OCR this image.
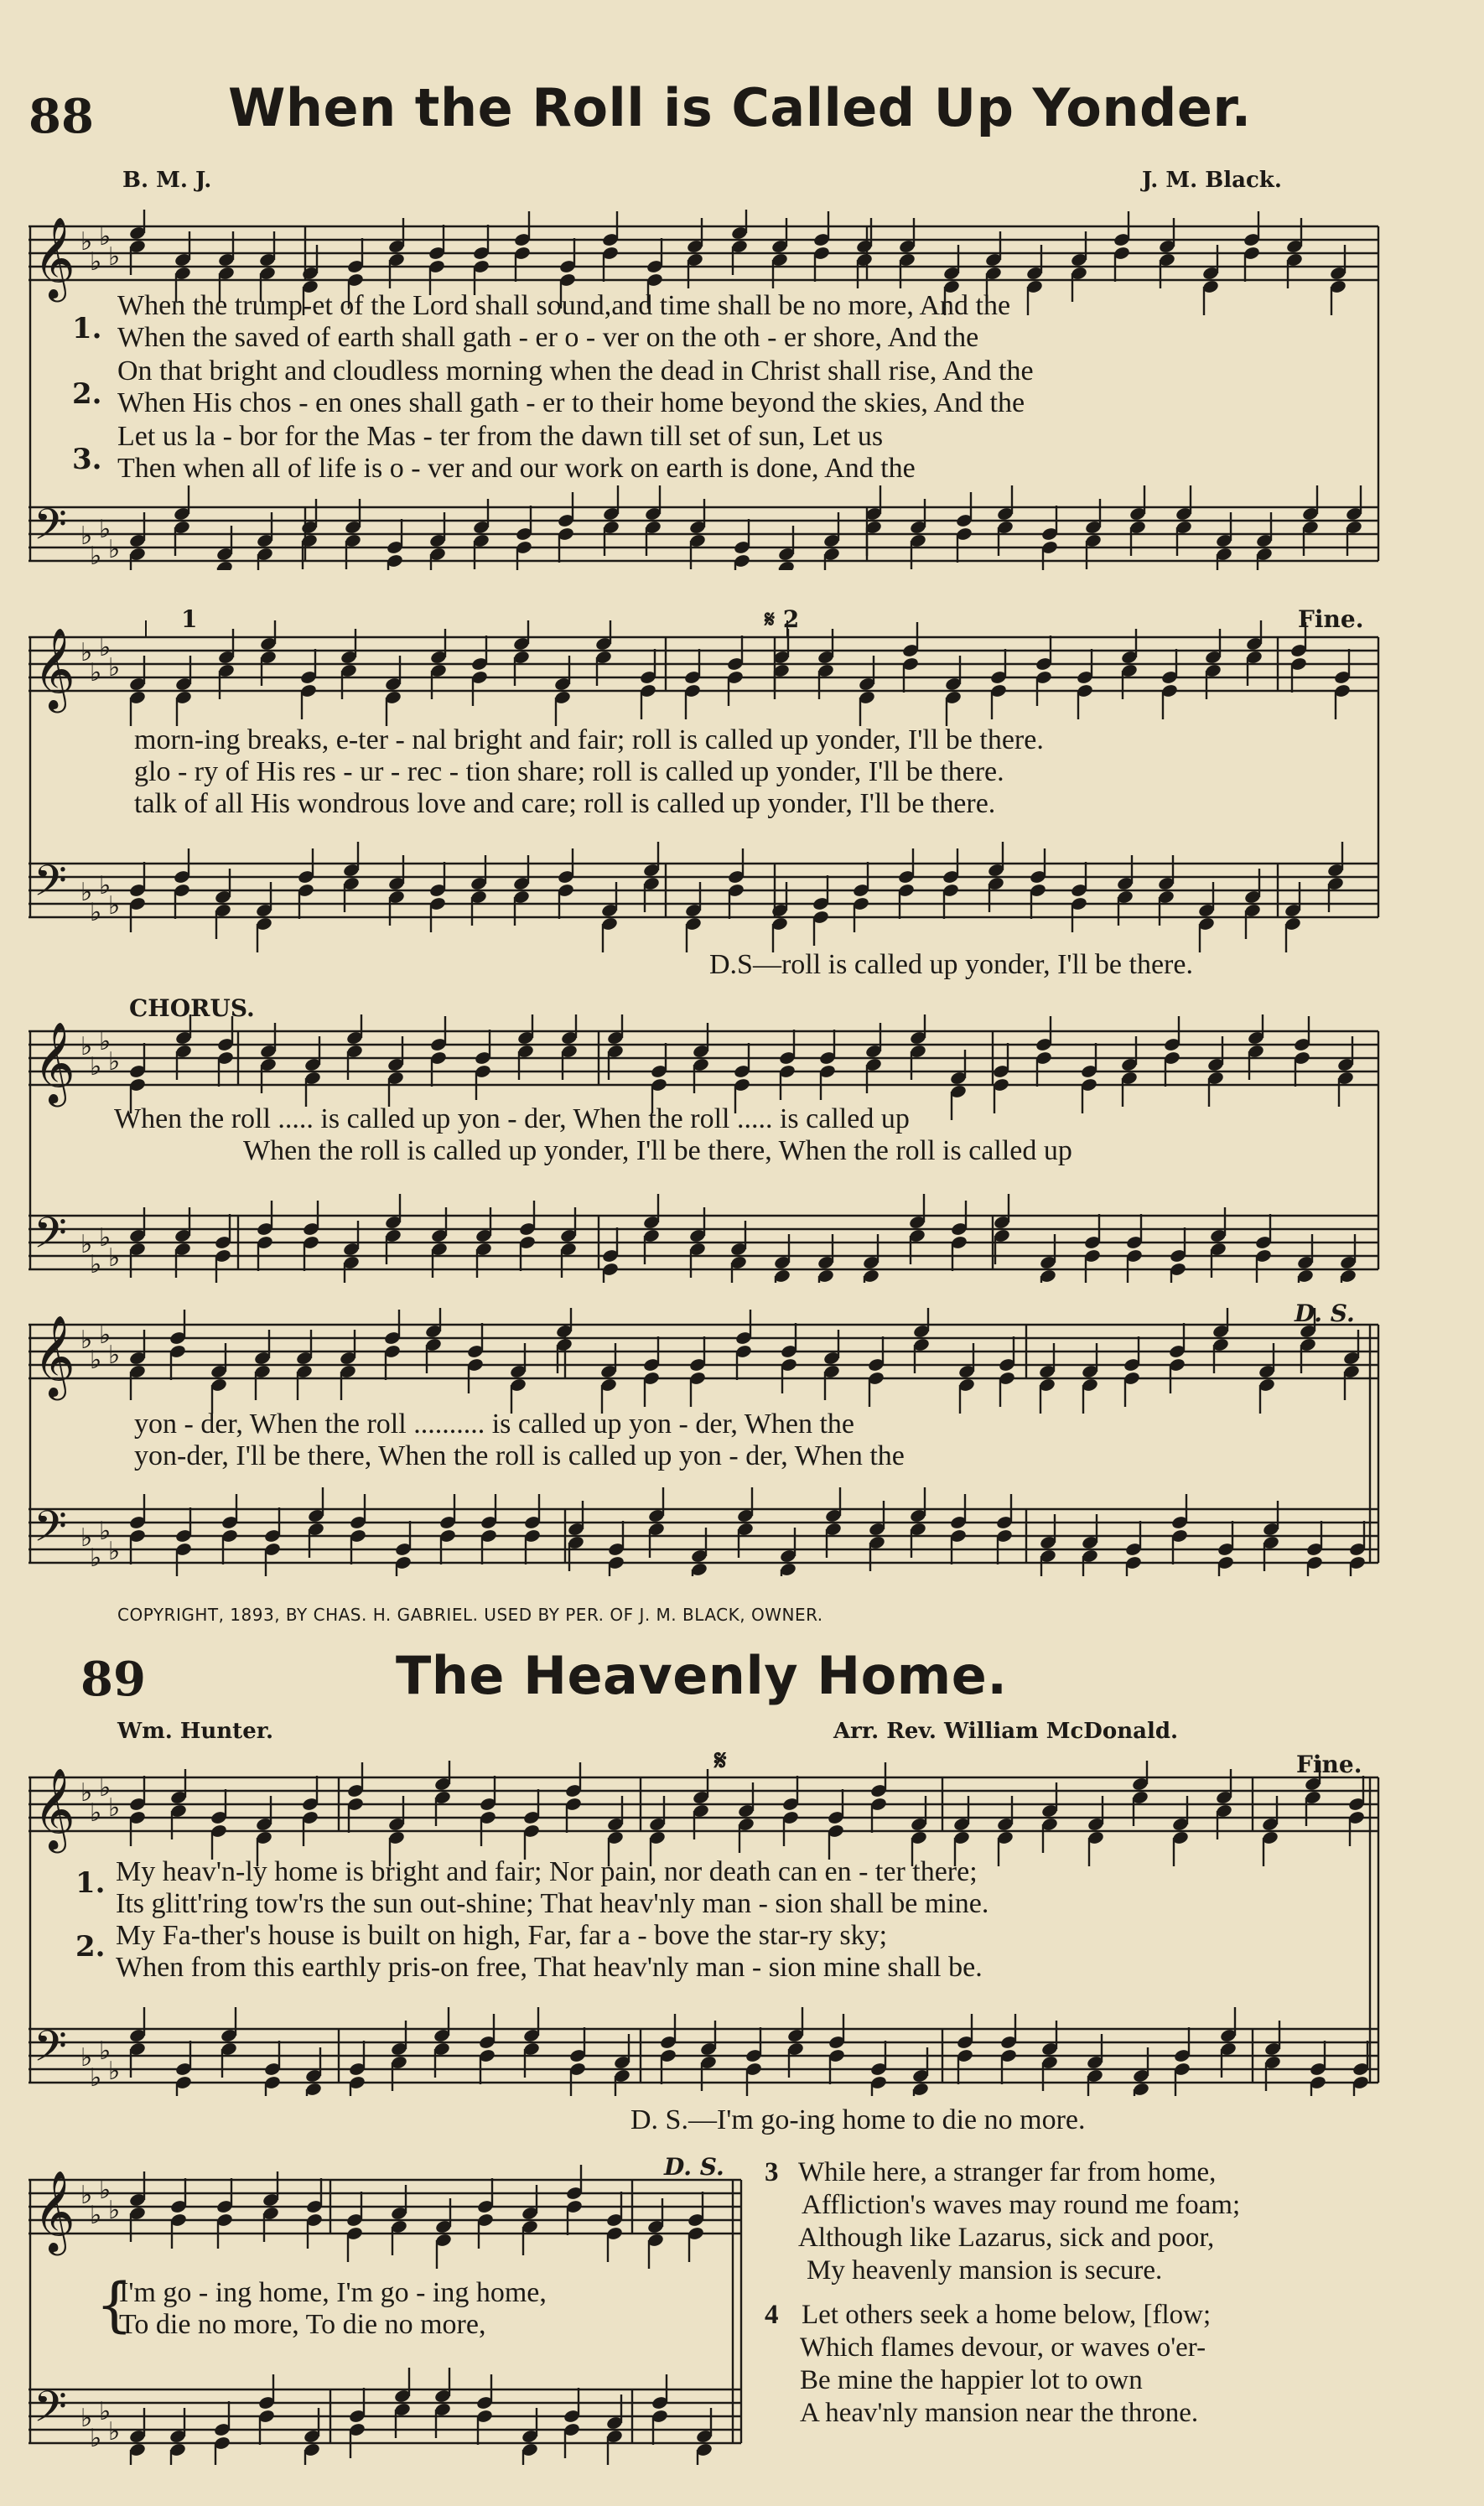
88	When the Roll is Called Up Yonder.
B. M. J.	J. M. Black.
𝄞 ♭
♭
♭
♭
𝄢 ♭
♭
♭
♭
1.
2.
3.
When the trump-et of the Lord shall sound,and time shall be no more, And the
When the saved of earth shall gath - er o - ver on the oth - er shore, And the
On that bright and cloudless morning when the dead in Christ shall rise, And the
When His chos - en ones shall gath - er to their home beyond the skies, And the
Let us la - bor for the Mas - ter from the dawn till set of sun, Let us
Then when all of life is o - ver and our work on earth is done, And the
1	𝄋 2	Fine.
𝄞 ♭
♭
♭
♭
𝄢 ♭
♭
♭
♭
morn-ing breaks, e-ter - nal bright and fair; roll is called up yonder, I'll be there.
glo - ry of His res - ur - rec - tion share; roll is called up yonder, I'll be there.
talk of all His wondrous love and care; roll is called up yonder, I'll be there.
D.S—roll is called up yonder, I'll be there.
CHORUS.
𝄞 ♭
♭
♭
♭
𝄢 ♭
♭
♭
♭
When the roll ..... is called up yon - der, When the roll ..... is called up
When the roll is called up yonder, I'll be there, When the roll is called up
D. S.
𝄞 ♭
♭
♭
♭
𝄢 ♭
♭
♭
♭
yon - der, When the roll .......... is called up yon - der, When the
yon-der, I'll be there, When the roll is called up yon - der, When the
COPYRIGHT, 1893, BY CHAS. H. GABRIEL. USED BY PER. OF J. M. BLACK, OWNER.
89	The Heavenly Home.
Wm. Hunter.	Arr. Rev. William McDonald.
𝄋	Fine.
𝄞 ♭
♭
♭
♭
𝄢 ♭
♭
♭
♭
1.
2.
My heav'n-ly home is bright and fair; Nor pain, nor death can en - ter there;
Its glitt'ring tow'rs the sun out-shine; That heav'nly man - sion shall be mine.
My Fa-ther's house is built on high, Far, far a - bove the star-ry sky;
When from this earthly pris-on free, That heav'nly man - sion mine shall be.
D. S.—I'm go-ing home to die no more.
D. S.
𝄞 ♭
♭
♭
♭
𝄢 ♭
♭
♭
♭
{
I'm go - ing home, I'm go - ing home,
To die no more, To die no more,
3 While here, a stranger far from home,
Affliction's waves may round me foam;
Although like Lazarus, sick and poor,
My heavenly mansion is secure.
4 Let others seek a home below, [flow;
Which flames devour, or waves o'er-
Be mine the happier lot to own
A heav'nly mansion near the throne.
